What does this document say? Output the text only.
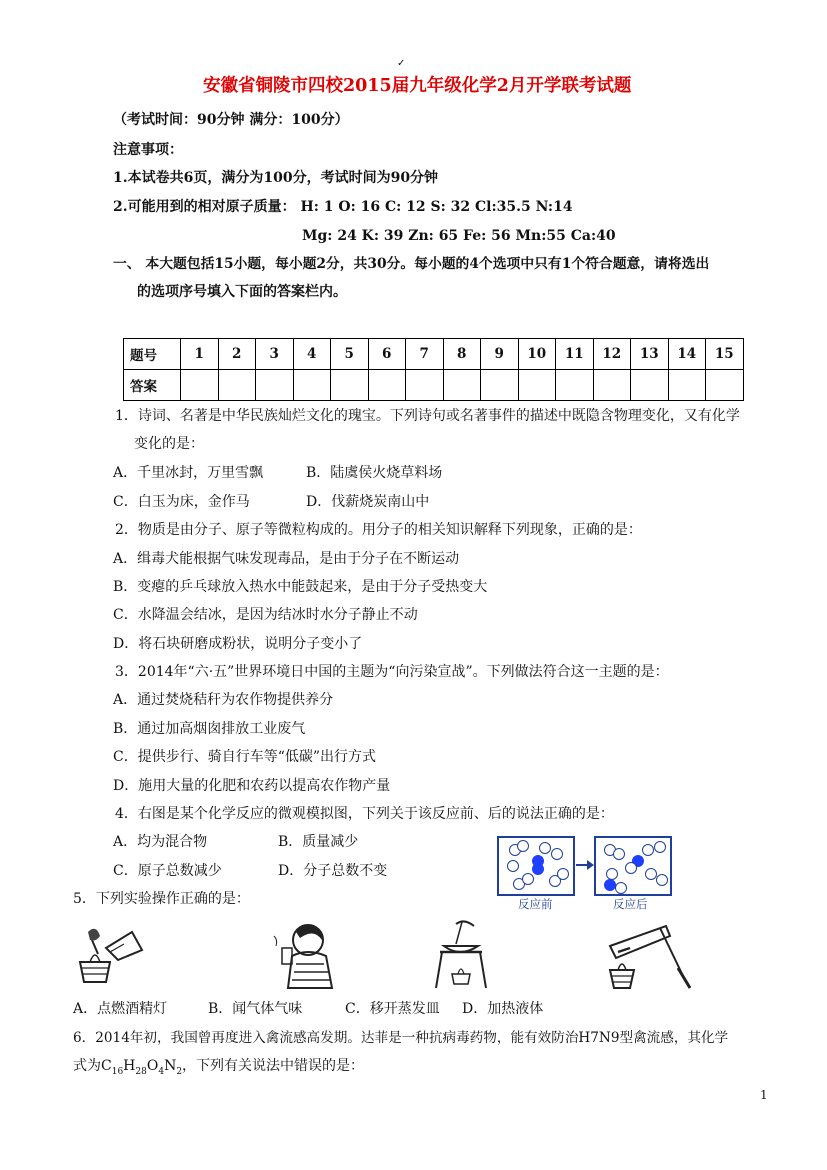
✓
安徽省铜陵市四校2015届九年级化学2月开学联考试题
（考试时间：90分钟 满分：100分）
注意事项：
1.本试卷共6页，满分为100分，考试时间为90分钟
2.可能用到的相对原子质量： H: 1 O: 16 C: 12 S: 32 Cl:35.5 N:14
Mg: 24 K: 39 Zn: 65 Fe: 56 Mn:55 Ca:40
一、 本大题包括15小题，每小题2分，共30分。每小题的4个选项中只有1个符合题意，请将选出
的选项序号填入下面的答案栏内。
题号	1	2	3	4	5	6	7	8	9	10	11	12	13	14	15
答案															
1．诗词、名著是中华民族灿烂文化的瑰宝。下列诗句或名著事件的描述中既隐含物理变化，又有化学
变化的是：
A．千里冰封，万里雪飘	B．陆虞侯火烧草料场
C．白玉为床，金作马	D．伐薪烧炭南山中
2．物质是由分子、原子等微粒构成的。用分子的相关知识解释下列现象，正确的是：
A．缉毒犬能根据气味发现毒品，是由于分子在不断运动
B．变瘪的乒乓球放入热水中能鼓起来，是由于分子受热变大
C．水降温会结冰，是因为结冰时水分子静止不动
D．将石块研磨成粉状，说明分子变小了
3．2014年“六·五”世界环境日中国的主题为“向污染宣战”。下列做法符合这一主题的是：
A．通过焚烧秸秆为农作物提供养分
B．通过加高烟囱排放工业废气
C．提供步行、骑自行车等“低碳”出行方式
D．施用大量的化肥和农药以提高农作物产量
4．右图是某个化学反应的微观模拟图，下列关于该反应前、后的说法正确的是：
A．均为混合物	B．质量减少
C．原子总数减少	D．分子总数不变
反应前	反应后
5．下列实验操作正确的是：
A．点燃酒精灯	B．闻气体气味	C．移开蒸发皿 D．加热液体
6．2014年初，我国曾再度进入禽流感高发期。达菲是一种抗病毒药物，能有效防治H7N9型禽流感，其化学
式为$C_{16}H_{28}O_4N_2$，下列有关说法中错误的是：
1
